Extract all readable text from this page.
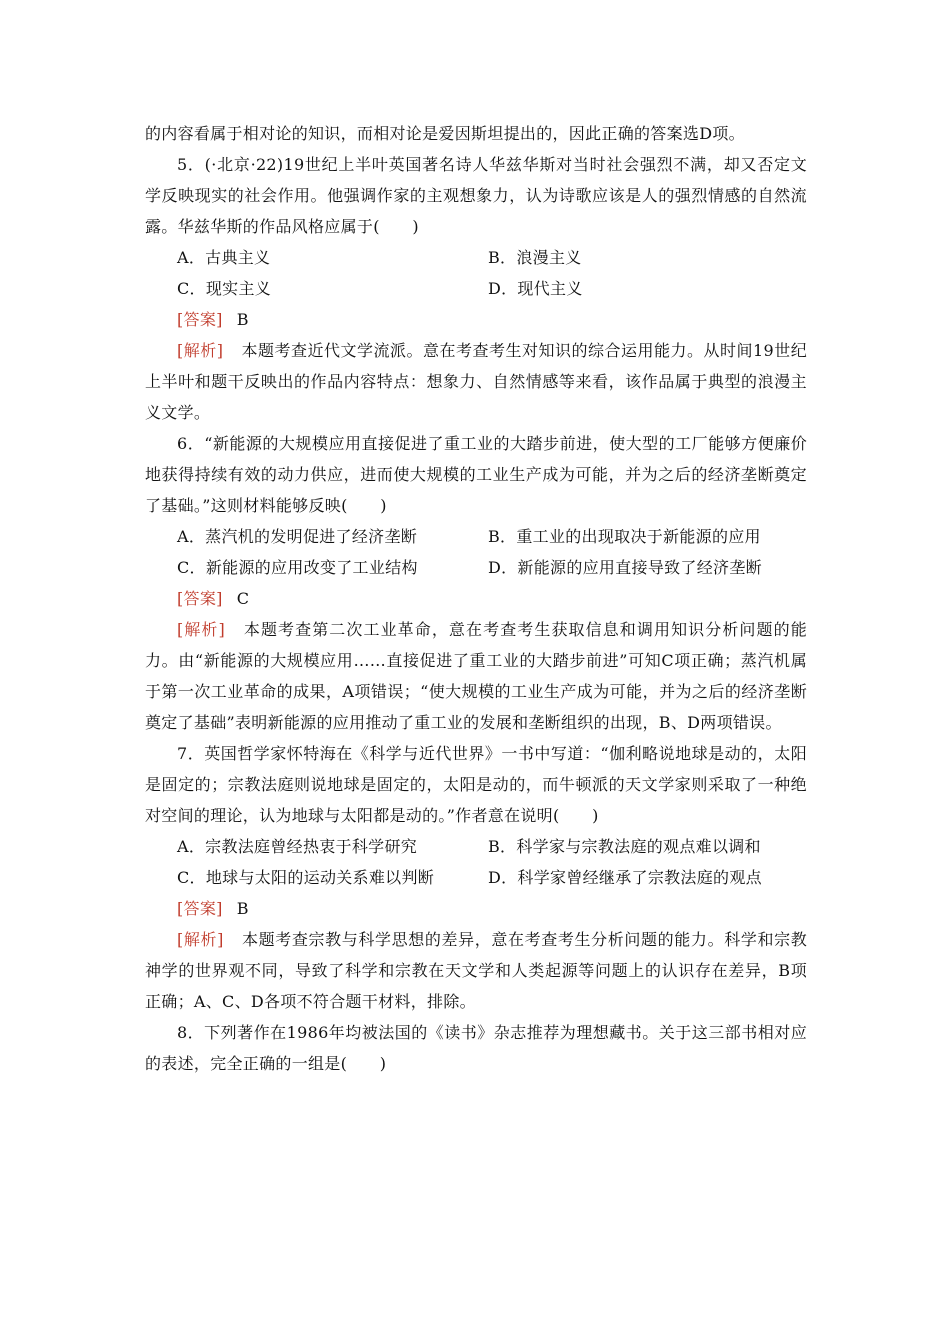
的内容看属于相对论的知识，而相对论是爱因斯坦提出的，因此正确的答案选D项。

5．(·北京·22)19世纪上半叶英国著名诗人华兹华斯对当时社会强烈不满，却又否定文学反映现实的社会作用。他强调作家的主观想象力，认为诗歌应该是人的强烈情感的自然流露。华兹华斯的作品风格应属于(　　)

A．古典主义	B．浪漫主义

C．现实主义	D．现代主义

[答案] B

[解析] 本题考查近代文学流派。意在考查考生对知识的综合运用能力。从时间19世纪上半叶和题干反映出的作品内容特点：想象力、自然情感等来看，该作品属于典型的浪漫主义文学。

6．“新能源的大规模应用直接促进了重工业的大踏步前进，使大型的工厂能够方便廉价地获得持续有效的动力供应，进而使大规模的工业生产成为可能，并为之后的经济垄断奠定了基础。”这则材料能够反映(　　)

A．蒸汽机的发明促进了经济垄断	B．重工业的出现取决于新能源的应用

C．新能源的应用改变了工业结构	D．新能源的应用直接导致了经济垄断

[答案] C

[解析] 本题考查第二次工业革命，意在考查考生获取信息和调用知识分析问题的能力。由“新能源的大规模应用……直接促进了重工业的大踏步前进”可知C项正确；蒸汽机属于第一次工业革命的成果，A项错误；“使大规模的工业生产成为可能，并为之后的经济垄断奠定了基础”表明新能源的应用推动了重工业的发展和垄断组织的出现，B、D两项错误。

7．英国哲学家怀特海在《科学与近代世界》一书中写道：“伽利略说地球是动的，太阳是固定的；宗教法庭则说地球是固定的，太阳是动的，而牛顿派的天文学家则采取了一种绝对空间的理论，认为地球与太阳都是动的。”作者意在说明(　　)

A．宗教法庭曾经热衷于科学研究	B．科学家与宗教法庭的观点难以调和

C．地球与太阳的运动关系难以判断	D．科学家曾经继承了宗教法庭的观点

[答案] B

[解析] 本题考查宗教与科学思想的差异，意在考查考生分析问题的能力。科学和宗教神学的世界观不同，导致了科学和宗教在天文学和人类起源等问题上的认识存在差异，B项正确；A、C、D各项不符合题干材料，排除。

8．下列著作在1986年均被法国的《读书》杂志推荐为理想藏书。关于这三部书相对应的表述，完全正确的一组是(　　)
